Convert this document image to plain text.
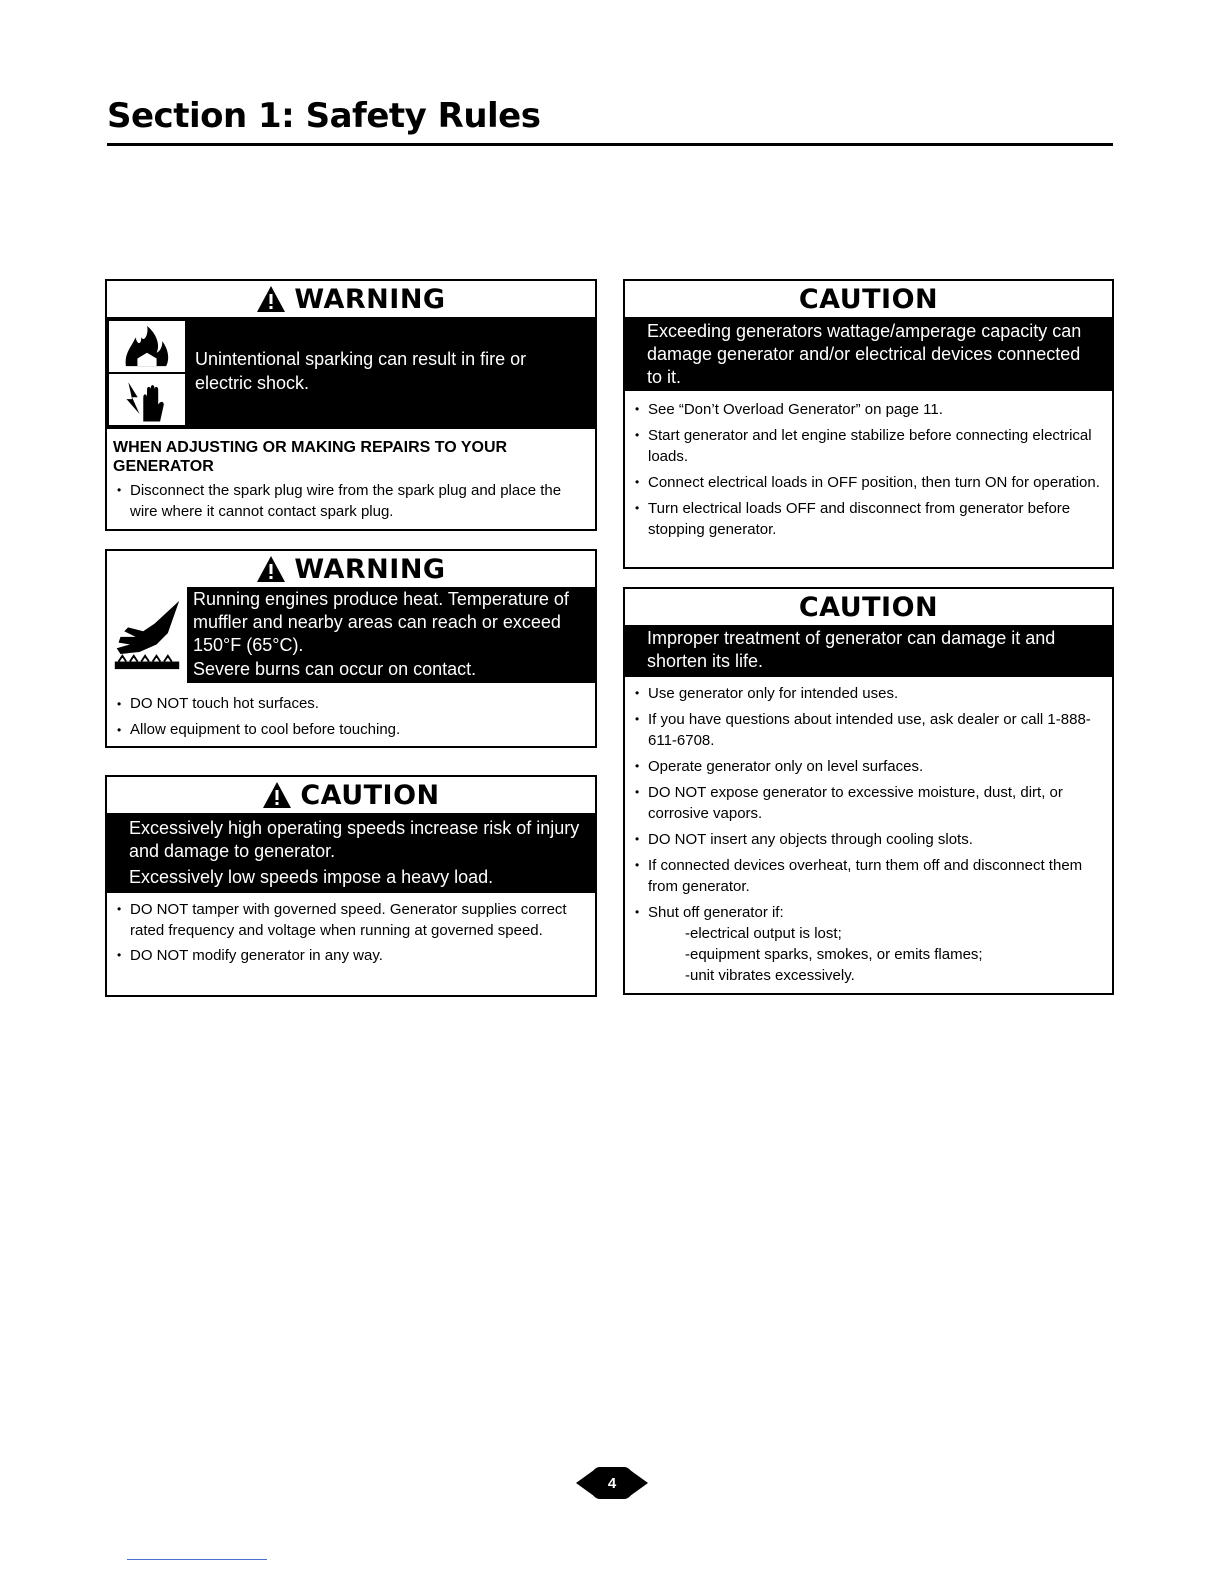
Section 1: Safety Rules
WARNING

Unintentional sparking can result in fire or electric shock.

WHEN ADJUSTING OR MAKING REPAIRS TO YOUR GENERATOR
• Disconnect the spark plug wire from the spark plug and place the wire where it cannot contact spark plug.
WARNING

Running engines produce heat. Temperature of muffler and nearby areas can reach or exceed 150°F (65°C).

Severe burns can occur on contact.

• DO NOT touch hot surfaces.
• Allow equipment to cool before touching.
CAUTION

Excessively high operating speeds increase risk of injury and damage to generator.

Excessively low speeds impose a heavy load.

• DO NOT tamper with governed speed. Generator supplies correct rated frequency and voltage when running at governed speed.
• DO NOT modify generator in any way.
CAUTION

Exceeding generators wattage/amperage capacity can damage generator and/or electrical devices connected to it.

• See “Don’t Overload Generator” on page 11.
• Start generator and let engine stabilize before connecting electrical loads.
• Connect electrical loads in OFF position, then turn ON for operation.
• Turn electrical loads OFF and disconnect from generator before stopping generator.
CAUTION

Improper treatment of generator can damage it and shorten its life.

• Use generator only for intended uses.
• If you have questions about intended use, ask dealer or call 1-888-611-6708.
• Operate generator only on level surfaces.
• DO NOT expose generator to excessive moisture, dust, dirt, or corrosive vapors.
• DO NOT insert any objects through cooling slots.
• If connected devices overheat, turn them off and disconnect them from generator.
• Shut off generator if:
-electrical output is lost;
-equipment sparks, smokes, or emits flames;
-unit vibrates excessively.
4
